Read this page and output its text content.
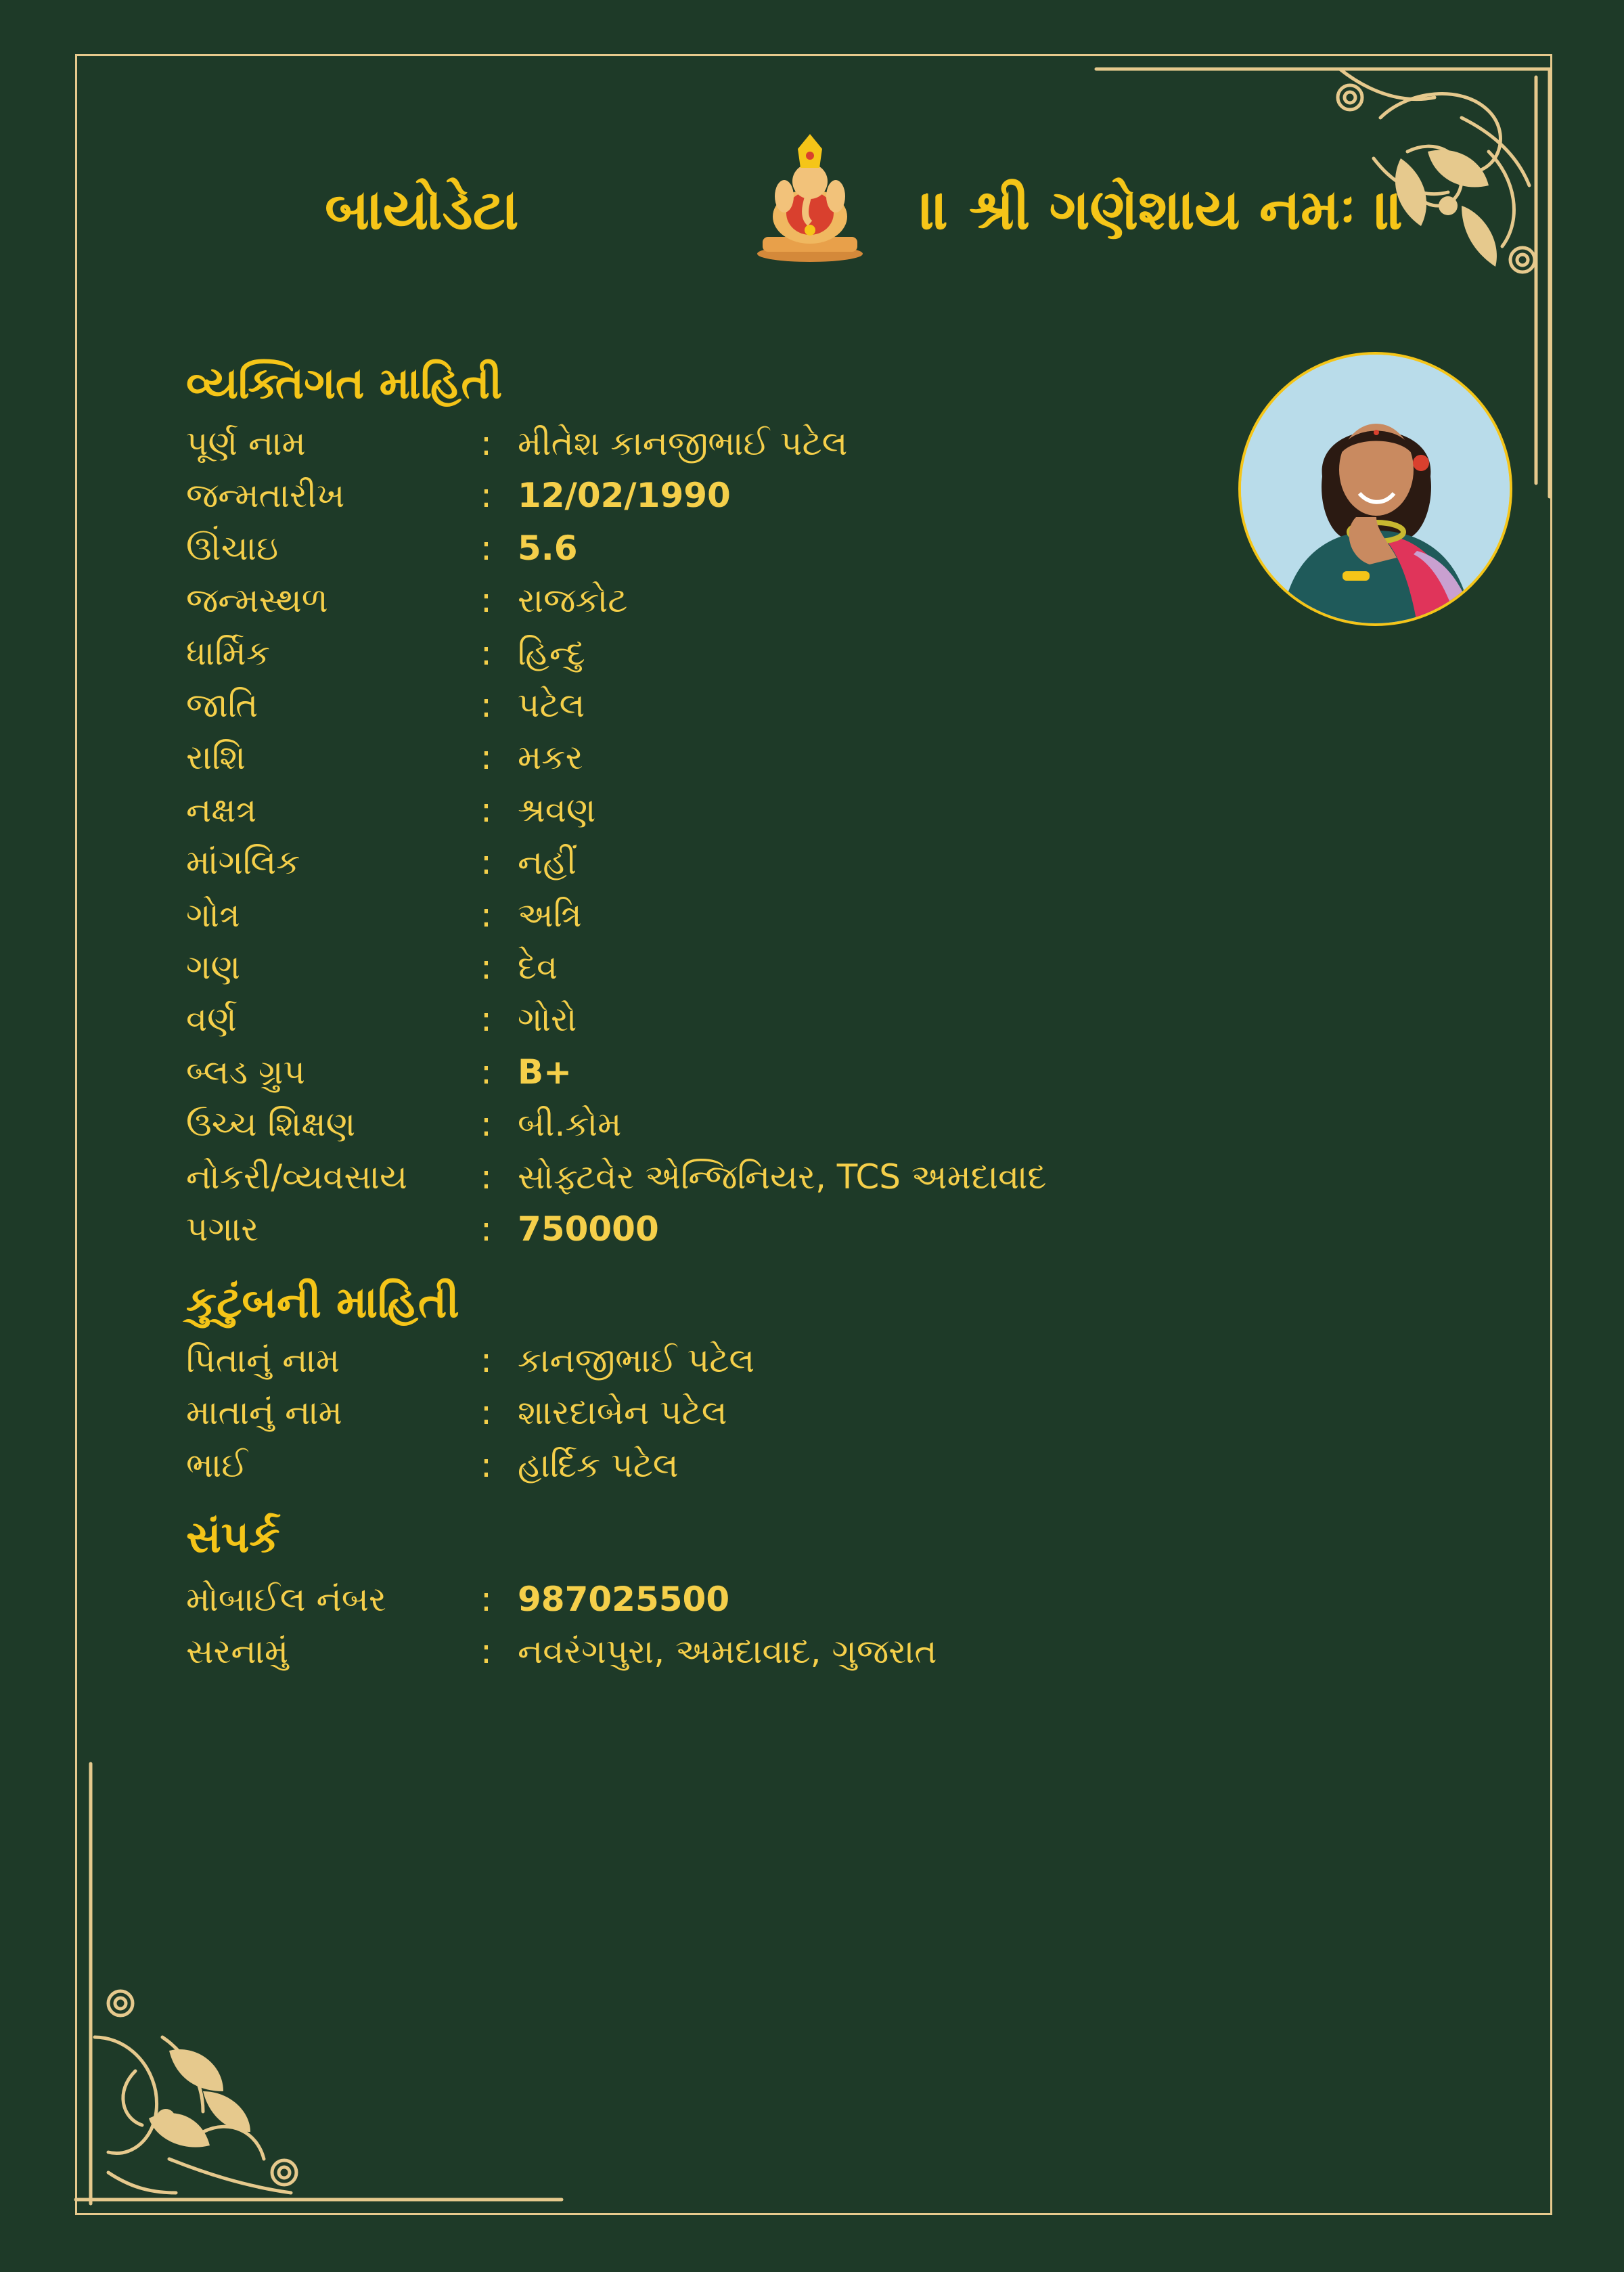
બાયોડેટા	॥ શ્રી ગણેશાય નમઃ ॥
વ્યક્તિગત માહિતી
પૂર્ણ નામ	: મીતેશ કાનજીભાઈ પટેલ
જન્મતારીખ	: 12/02/1990
ઊંચાઇ	: 5.6
જન્મસ્થળ	: રાજકોટ
ધાર્મિક	: હિન્દુ
જાતિ	: પટેલ
રાશિ	: મકર
નક્ષત્ર	: શ્રવણ
માંગલિક	: નહીં
ગોત્ર	: અત્રિ
ગણ	: દેવ
વર્ણ	: ગોરો
બ્લડ ગ્રુપ	: B+
ઉચ્ચ શિક્ષણ	: બી.કોમ
નોકરી/વ્યવસાય : સોફ્ટવેર એન્જિનિયર, TCS અમદાવાદ
પગાર	: 750000
કુટુંબની માહિતી
પિતાનું નામ	: કાનજીભાઈ પટેલ
માતાનું નામ	: શારદાબેન પટેલ
ભાઈ	: હાર્દિક પટેલ
સંપર્ક
મોબાઈલ નંબર	: 987025500
સરનામું	: નવરંગપુરા, અમદાવાદ, ગુજરાત
